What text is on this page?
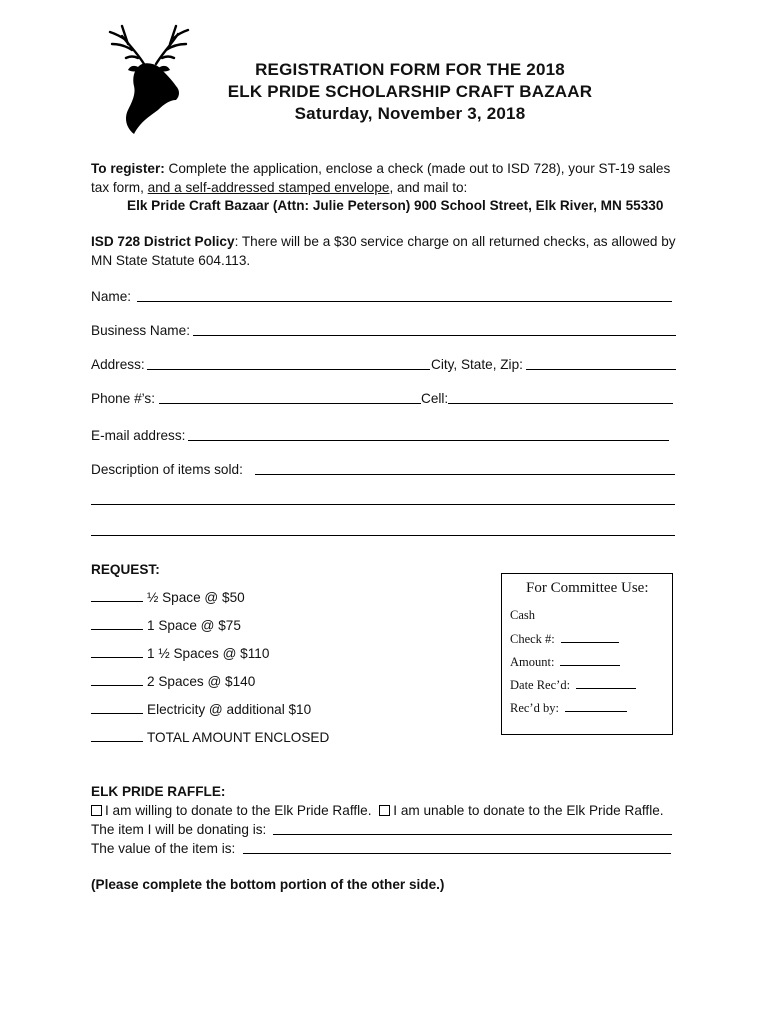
REGISTRATION FORM FOR THE 2018
ELK PRIDE SCHOLARSHIP CRAFT BAZAAR
Saturday, November 3, 2018
To register: Complete the application, enclose a check (made out to ISD 728), your ST-19 sales
tax form, and a self-addressed stamped envelope, and mail to:
Elk Pride Craft Bazaar (Attn: Julie Peterson) 900 School Street, Elk River, MN 55330
ISD 728 District Policy: There will be a $30 service charge on all returned checks, as allowed by
MN State Statute 604.113.
Name:
Business Name:
Address:	City, State, Zip:
Phone #’s:	Cell:
E-mail address:
Description of items sold:
REQUEST:
½ Space @ $50
1 Space @ $75
1 ½ Spaces @ $110
2 Spaces @ $140
Electricity @ additional $10
TOTAL AMOUNT ENCLOSED
For Committee Use:
Cash
Check #:
Amount:
Date Rec’d:
Rec’d by:
ELK PRIDE RAFFLE:
I am willing to donate to the Elk Pride Raffle. I am unable to donate to the Elk Pride Raffle.
The item I will be donating is:
The value of the item is:
(Please complete the bottom portion of the other side.)
